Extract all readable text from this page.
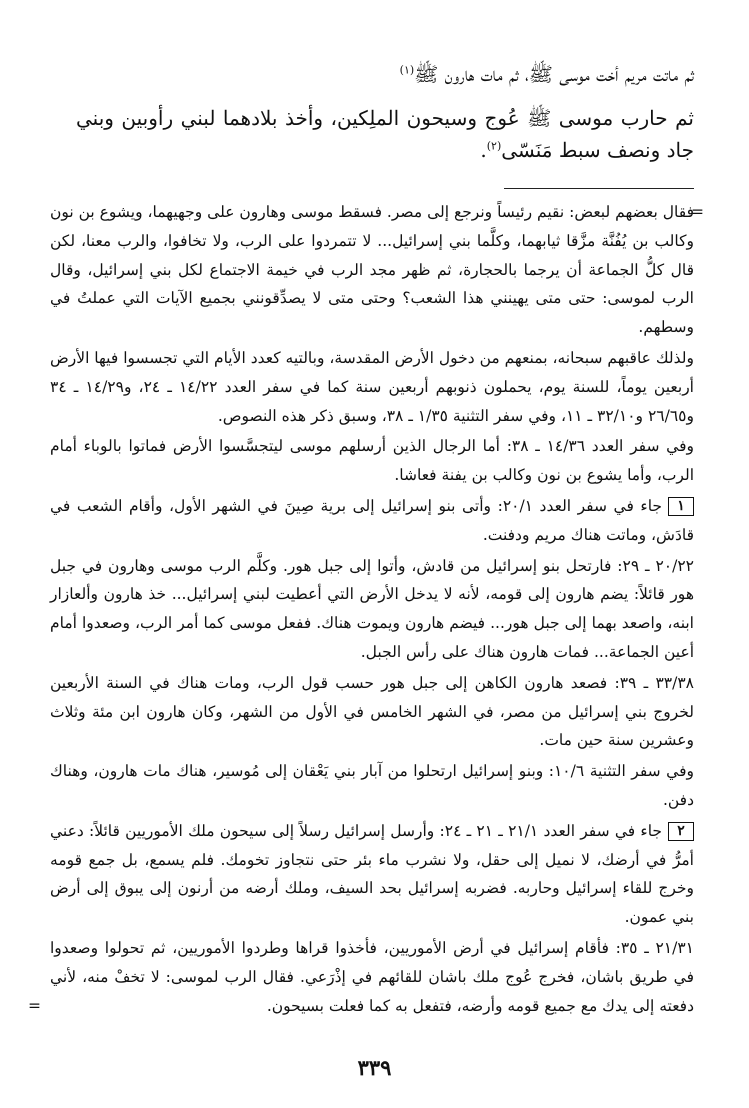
ثم ماتت مريم أخت موسى ﷺ، ثم مات هارون ﷺ$^{(١)}$

ثم حارب موسى ﷺ عُوج وسيحون الملِكين، وأخذ بلادهما لبني رأوبين وبني جاد ونصف سبط مَنَسّى$^{(٢)}$.

=
فقال بعضهم لبعض: نقيم رئيساً ونرجع إلى مصر. فسقط موسى وهارون على وجهيهما، ويشوع بن نون وكالب بن يُفُنَّة مزَّقا ثيابهما، وكلَّما بني إسرائيل... لا تتمردوا على الرب، ولا تخافوا، والرب معنا، لكن قال كلُّ الجماعة أن يرجما بالحجارة، ثم ظهر مجد الرب في خيمة الاجتماع لكل بني إسرائيل، وقال الرب لموسى: حتى متى يهينني هذا الشعب؟ وحتى متى لا يصدِّقونني بجميع الآيات التي عملتُ في وسطهم.

ولذلك عاقبهم سبحانه، بمنعهم من دخول الأرض المقدسة، وبالتيه كعدد الأيام التي تجسسوا فيها الأرض أربعين يوماً، للسنة يوم، يحملون ذنوبهم أربعين سنة كما في سفر العدد ١٤/٢٢ ـ ٢٤، و١٤/٢٩ ـ ٣٤ و٢٦/٦٥ و٣٢/١٠ ـ ١١، وفي سفر التثنية ١/٣٥ ـ ٣٨، وسبق ذكر هذه النصوص.

وفي سفر العدد ١٤/٣٦ ـ ٣٨: أما الرجال الذين أرسلهم موسى ليتجسَّسوا الأرض فماتوا بالوباء أمام الرب، وأما يشوع بن نون وكالب بن يفنة فعاشا.

١جاء في سفر العدد ٢٠/١: وأتى بنو إسرائيل إلى برية صِينَ في الشهر الأول، وأقام الشعب في قادَش، وماتت هناك مريم ودفنت.

٢٠/٢٢ ـ ٢٩: فارتحل بنو إسرائيل من قادش، وأتوا إلى جبل هور. وكلَّم الرب موسى وهارون في جبل هور قائلاً: يضم هارون إلى قومه، لأنه لا يدخل الأرض التي أعطيت لبني إسرائيل... خذ هارون وألعازار ابنه، واصعد بهما إلى جبل هور... فيضم هارون ويموت هناك. ففعل موسى كما أمر الرب، وصعدوا أمام أعين الجماعة... فمات هارون هناك على رأس الجبل.

٣٣/٣٨ ـ ٣٩: فصعد هارون الكاهن إلى جبل هور حسب قول الرب، ومات هناك في السنة الأربعين لخروج بني إسرائيل من مصر، في الشهر الخامس في الأول من الشهر، وكان هارون ابن مئة وثلاث وعشرين سنة حين مات.

وفي سفر التثنية ١٠/٦: وبنو إسرائيل ارتحلوا من آبار بني يَعْقان إلى مُوسير، هناك مات هارون، وهناك دفن.

٢جاء في سفر العدد ٢١/١ ـ ٢١ ـ ٢٤: وأرسل إسرائيل رسلاً إلى سيحون ملك الأموريين قائلاً: دعني أمرُّ في أرضك، لا نميل إلى حقل، ولا نشرب ماء بئر حتى نتجاوز تخومك. فلم يسمع، بل جمع قومه وخرج للقاء إسرائيل وحاربه. فضربه إسرائيل بحد السيف، وملك أرضه من أرنون إلى يبوق إلى أرض بني عمون.

٢١/٣١ ـ ٣٥: فأقام إسرائيل في أرض الأموريين، فأخذوا قراها وطردوا الأموريين، ثم تحولوا وصعدوا في طريق باشان، فخرج عُوج ملك باشان للقائهم في إذْرَعي. فقال الرب لموسى: لا تخفْ منه، لأني دفعته إلى يدك مع جميع قومه وأرضه، فتفعل به كما فعلت بسيحون.
=

٣٣٩
